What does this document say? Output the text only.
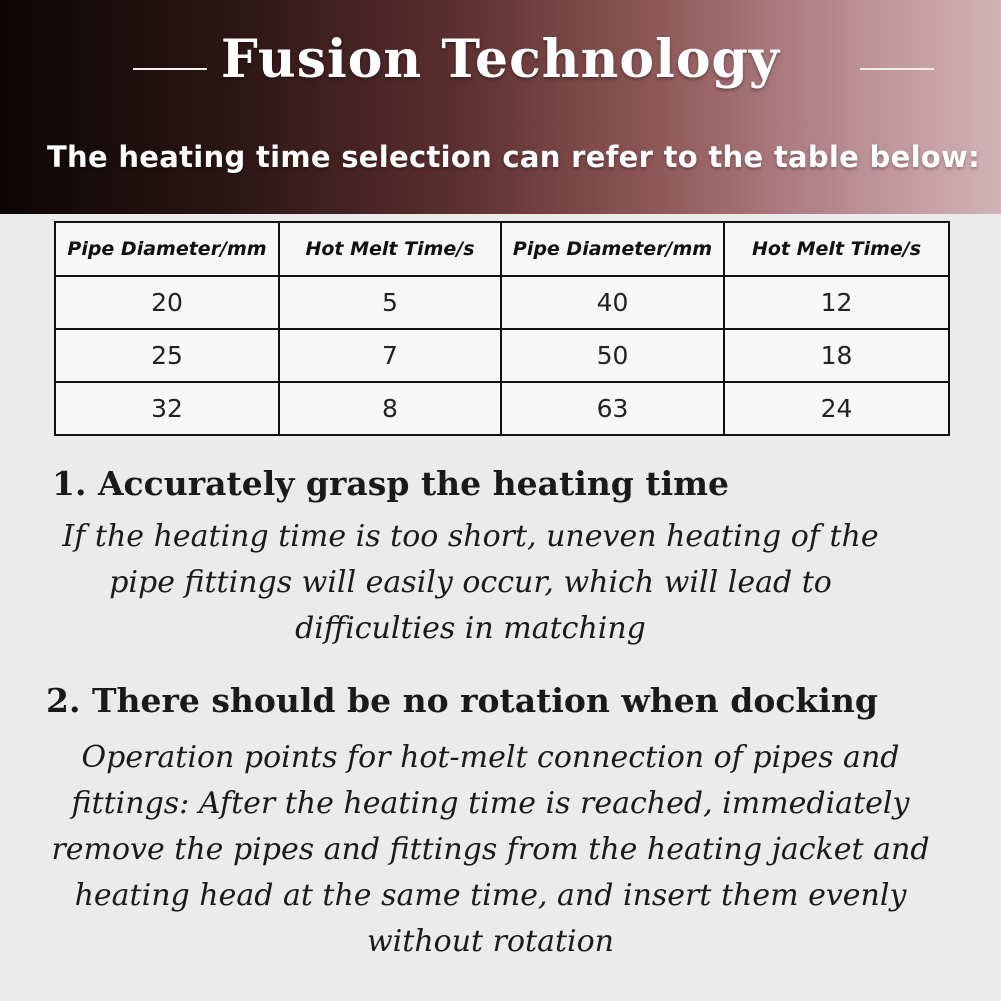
Fusion Technology
The heating time selection can refer to the table below:
Pipe Diameter/mm	Hot Melt Time/s	Pipe Diameter/mm	Hot Melt Time/s
20	5	40	12
25	7	50	18
32	8	63	24
1. Accurately grasp the heating time
If the heating time is too short, uneven heating of the
pipe fittings will easily occur, which will lead to
difficulties in matching
2. There should be no rotation when docking
Operation points for hot-melt connection of pipes and
fittings: After the heating time is reached, immediately
remove the pipes and fittings from the heating jacket and
heating head at the same time, and insert them evenly
without rotation
